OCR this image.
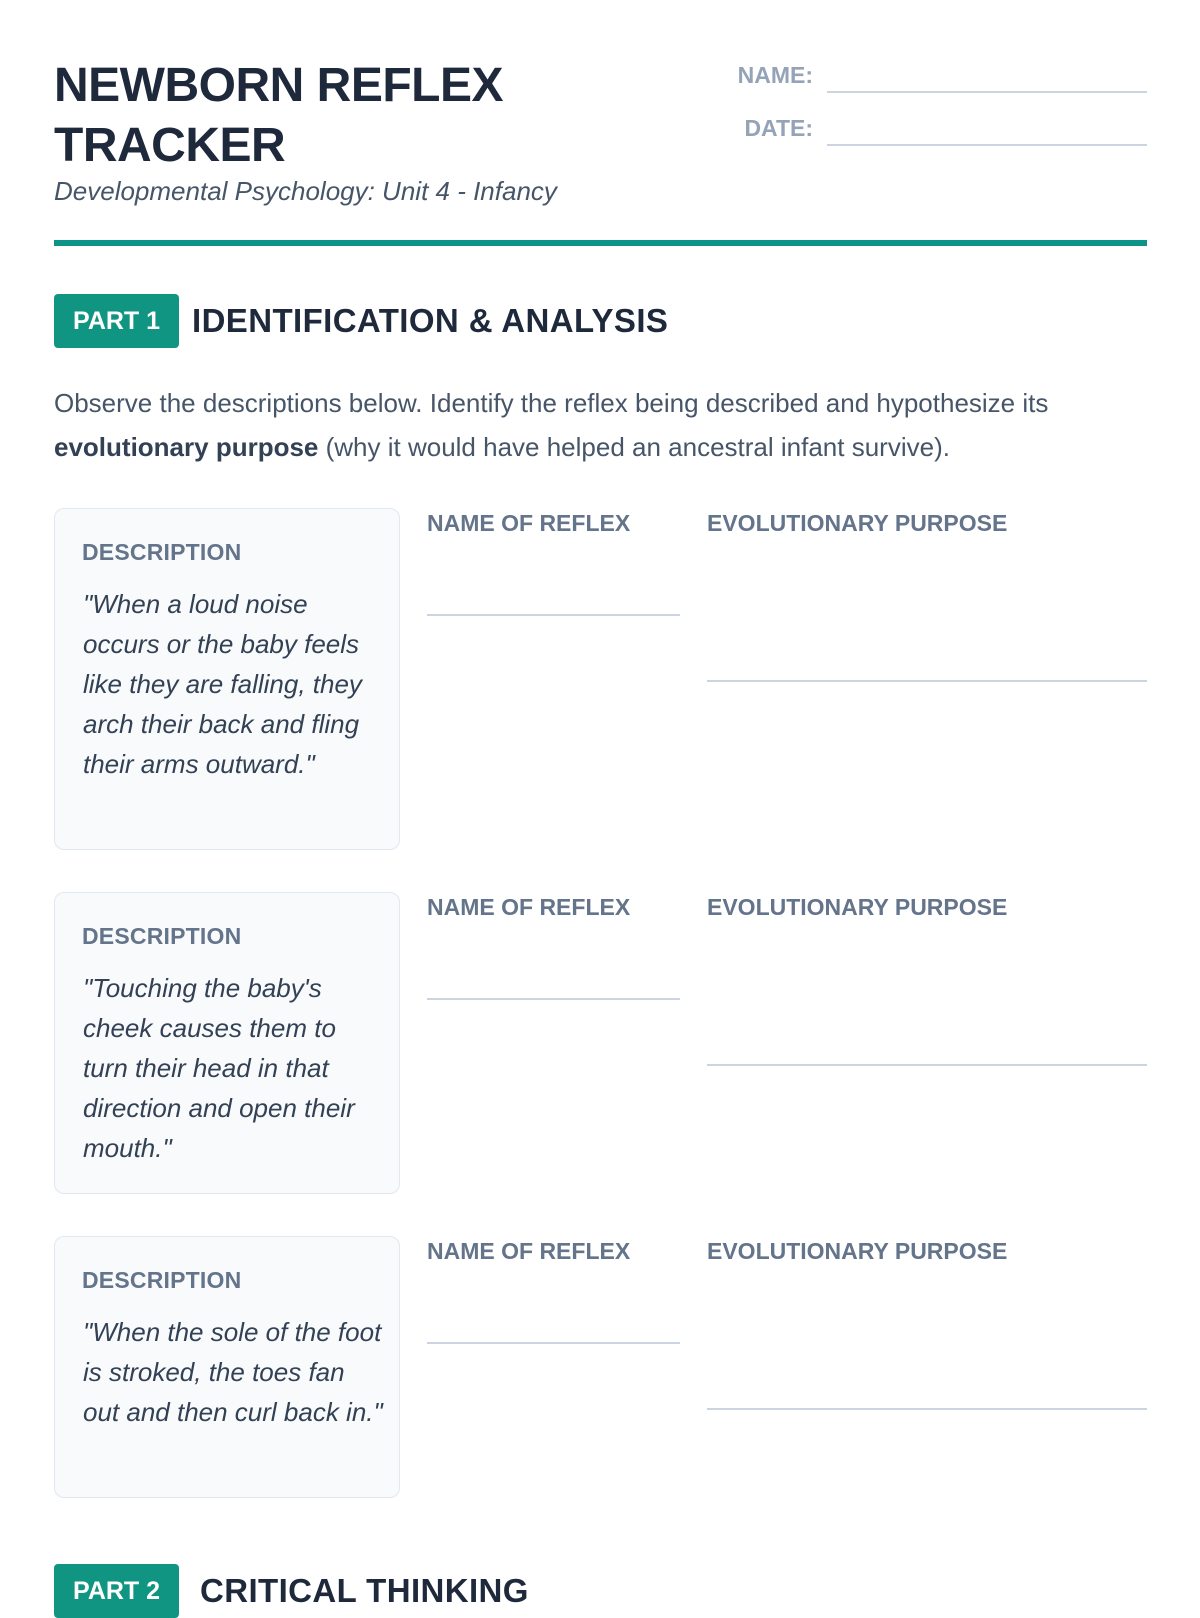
NEWBORN REFLEX TRACKER

Developmental Psychology: Unit 4 - Infancy

NAME:
DATE:
PART 1 IDENTIFICATION & ANALYSIS

Observe the descriptions below. Identify the reflex being described and hypothesize its evolutionary purpose (why it would have helped an ancestral infant survive).

DESCRIPTION

"When a loud noise occurs or the baby feels like they are falling, they arch their back and fling their arms outward."

NAME OF REFLEX	EVOLUTIONARY PURPOSE
DESCRIPTION

"Touching the baby's cheek causes them to turn their head in that direction and open their mouth."

NAME OF REFLEX	EVOLUTIONARY PURPOSE
DESCRIPTION

"When the sole of the foot is stroked, the toes fan out and then curl back in."

NAME OF REFLEX	EVOLUTIONARY PURPOSE
PART 2	CRITICAL THINKING
